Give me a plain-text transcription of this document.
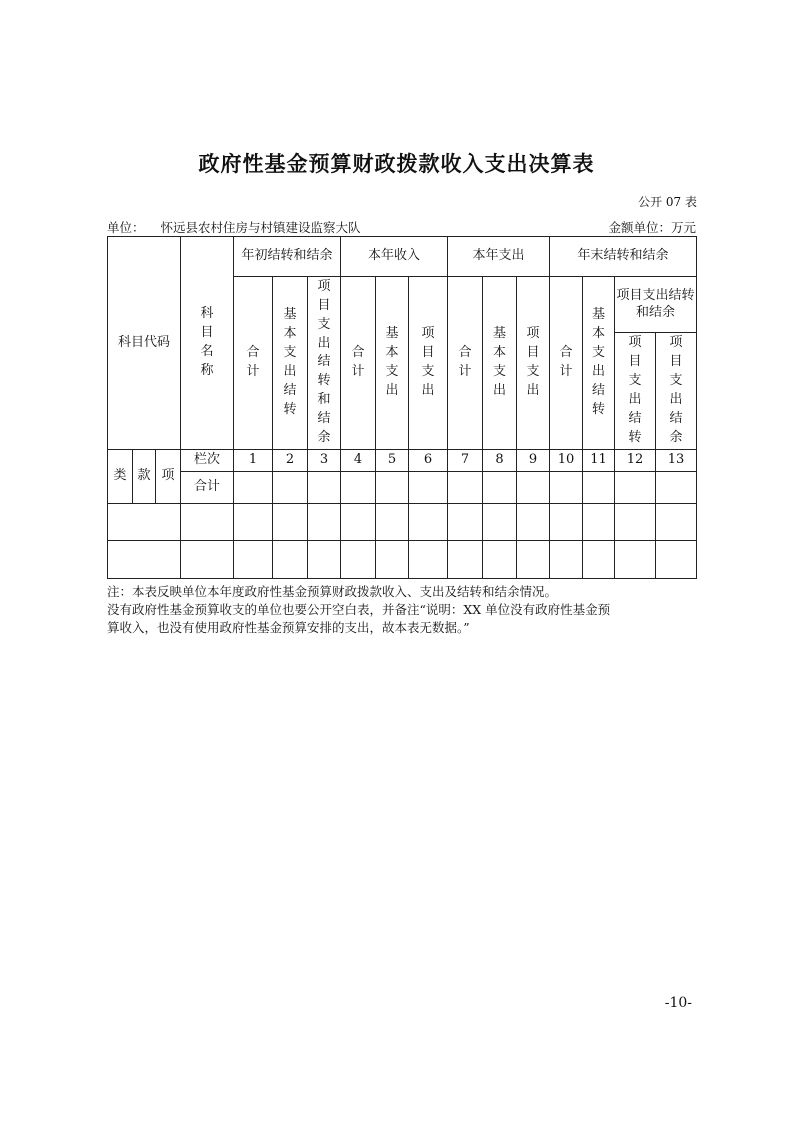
政府性基金预算财政拨款收入支出决算表
公开 07 表
单位： 怀远县农村住房与村镇建设监察大队	金额单位：万元
科目代码			科目名称	年初结转和结余			本年收入			本年支出			年末结转和结余			
				合计	基本支出结转	项目支出结转和结余	合计	基本支出	项目支出	合计	基本支出	项目支出	合计	基本支出结转	项目支出结转和结余	
															项目支出结转	项目支出结余

类	款	项	栏次	1	2	3	4	5	6	7	8	9	10	11	12	13
			合计													

注：本表反映单位本年度政府性基金预算财政拨款收入、支出及结转和结余情况。

没有政府性基金预算收支的单位也要公开空白表，并备注“说明：XX 单位没有政府性基金预

算收入，也没有使用政府性基金预算安排的支出，故本表无数据。”

-10-
